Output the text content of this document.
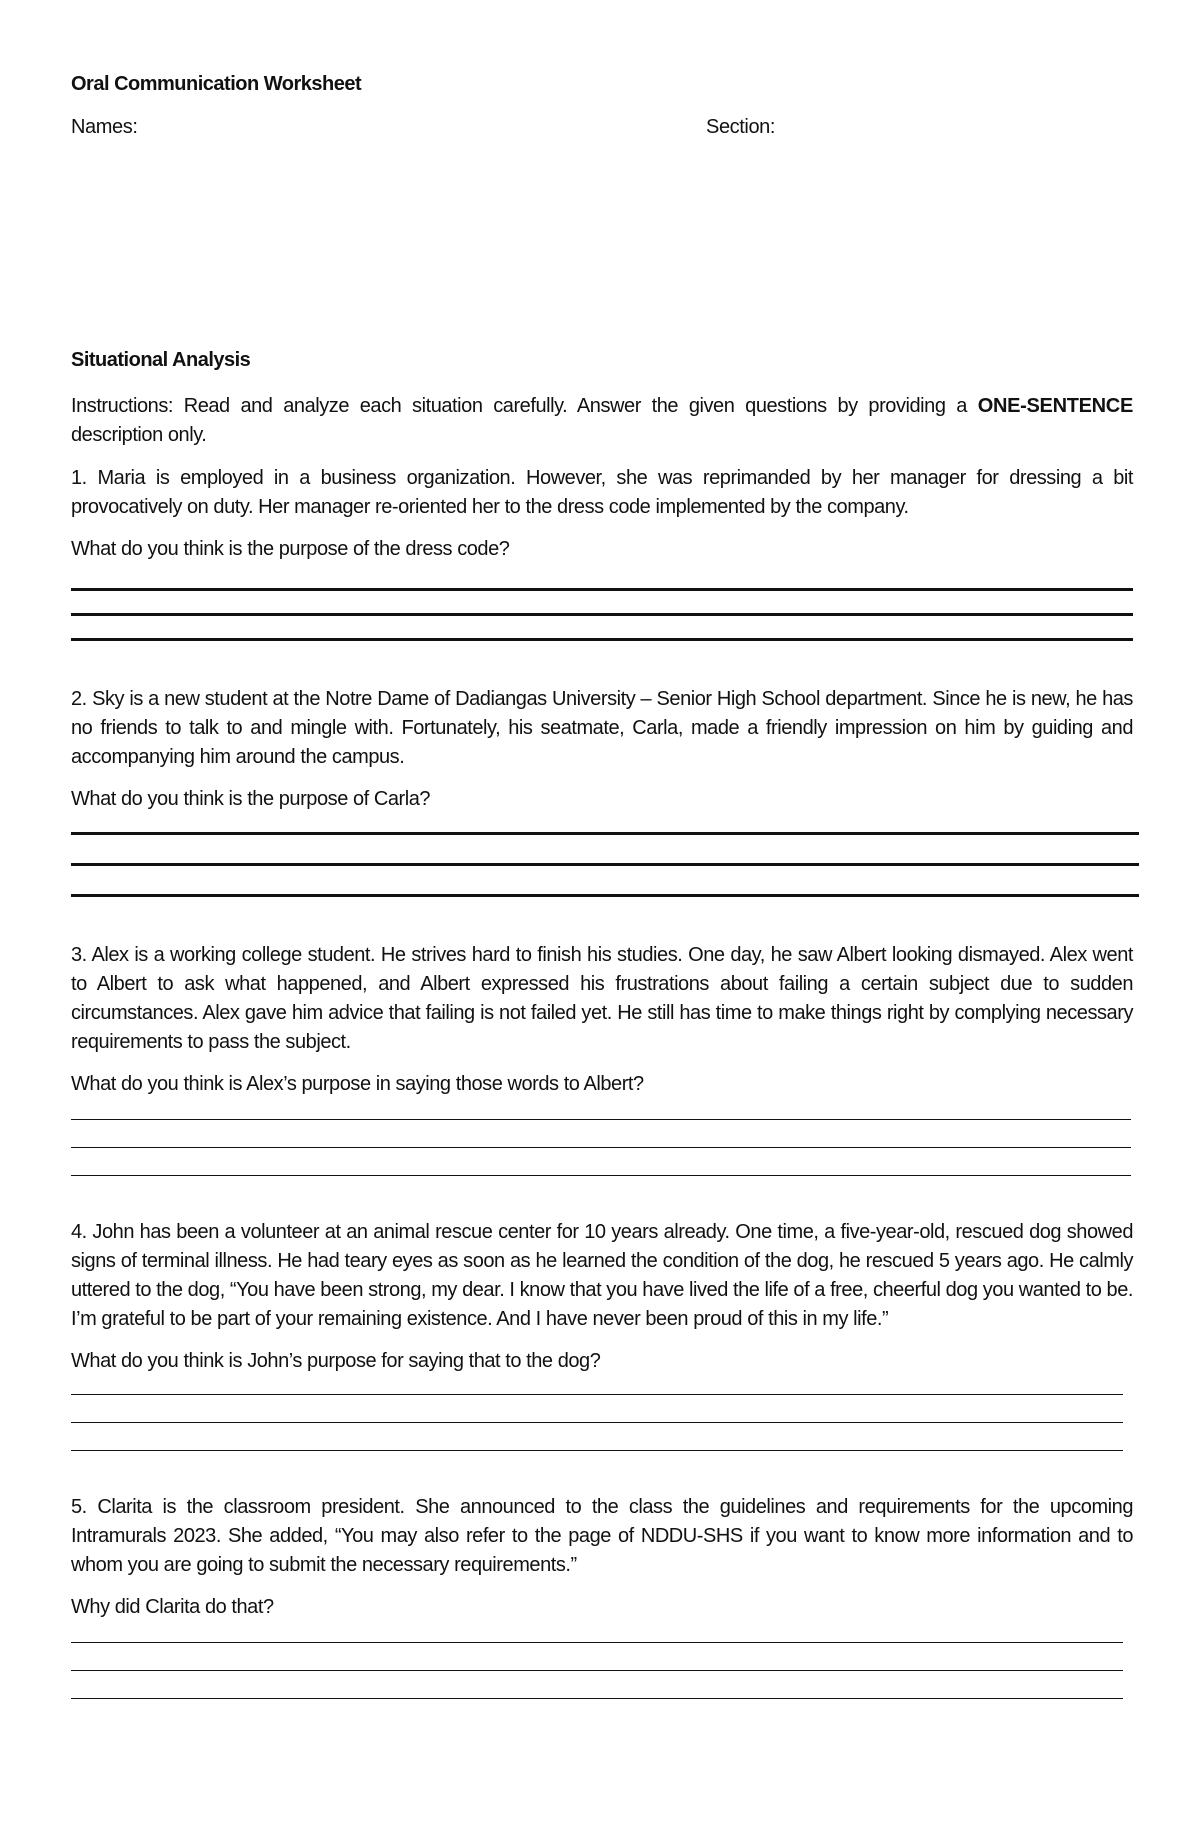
Oral Communication Worksheet
Names:	Section:
Situational Analysis

Instructions: Read and analyze each situation carefully. Answer the given questions by providing a ONE-SENTENCE description only.

1. Maria is employed in a business organization. However, she was reprimanded by her manager for dressing a bit provocatively on duty. Her manager re-oriented her to the dress code implemented by the company.

What do you think is the purpose of the dress code?

2. Sky is a new student at the Notre Dame of Dadiangas University – Senior High School department. Since he is new, he has no friends to talk to and mingle with. Fortunately, his seatmate, Carla, made a friendly impression on him by guiding and accompanying him around the campus.

What do you think is the purpose of Carla?

3. Alex is a working college student. He strives hard to finish his studies. One day, he saw Albert looking dismayed. Alex went to Albert to ask what happened, and Albert expressed his frustrations about failing a certain subject due to sudden circumstances. Alex gave him advice that failing is not failed yet. He still has time to make things right by complying necessary requirements to pass the subject.

What do you think is Alex’s purpose in saying those words to Albert?

4. John has been a volunteer at an animal rescue center for 10 years already. One time, a five-year-old, rescued dog showed signs of terminal illness. He had teary eyes as soon as he learned the condition of the dog, he rescued 5 years ago. He calmly uttered to the dog, “You have been strong, my dear. I know that you have lived the life of a free, cheerful dog you wanted to be. I’m grateful to be part of your remaining existence. And I have never been proud of this in my life.”

What do you think is John’s purpose for saying that to the dog?

5. Clarita is the classroom president. She announced to the class the guidelines and requirements for the upcoming Intramurals 2023. She added, “You may also refer to the page of NDDU-SHS if you want to know more information and to whom you are going to submit the necessary requirements.”

Why did Clarita do that?
